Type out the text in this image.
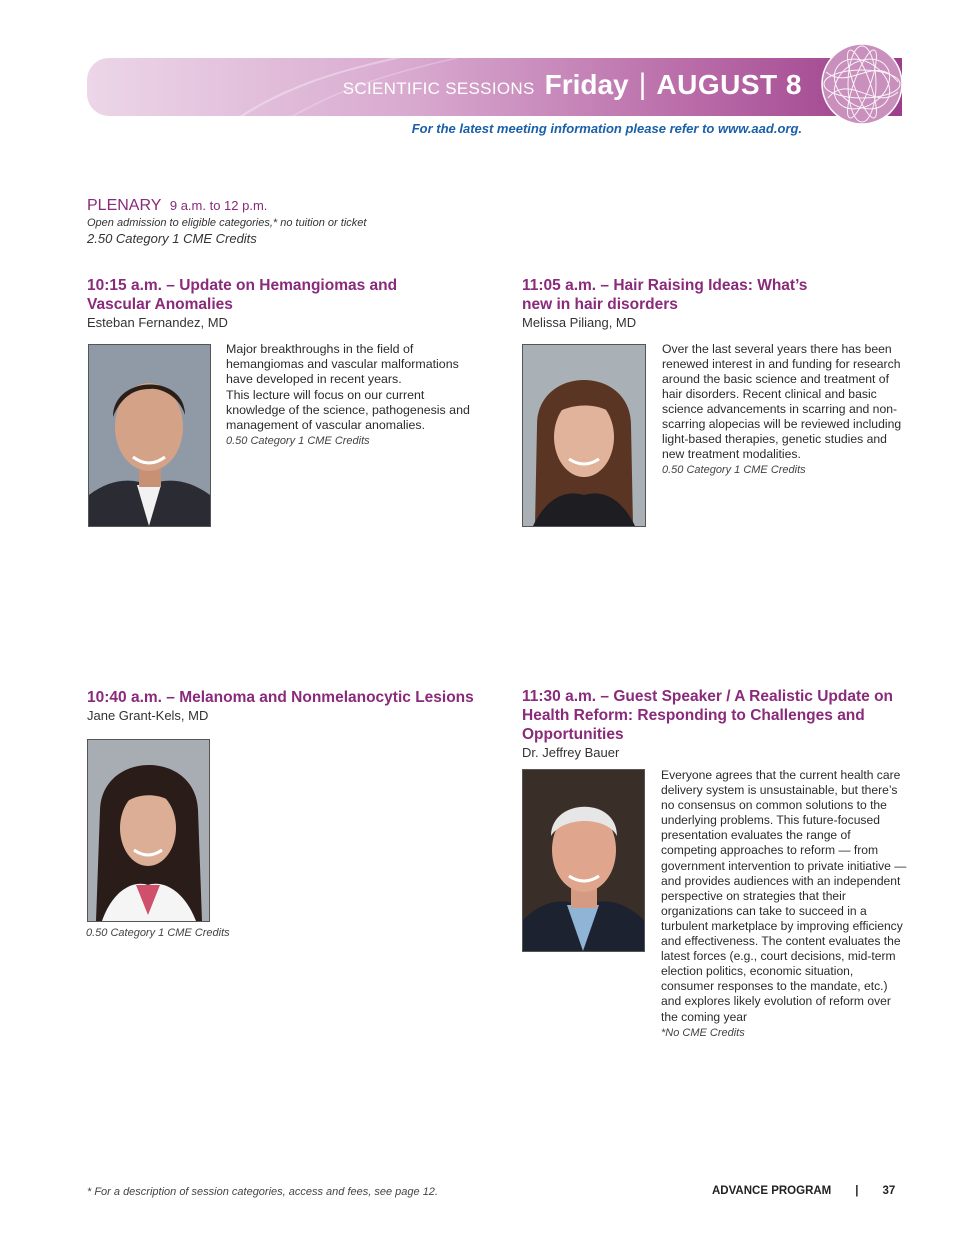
SCIENTIFIC SESSIONS Friday | AUGUST 8
For the latest meeting information please refer to www.aad.org.
PLENARY 9 a.m. to 12 p.m.
Open admission to eligible categories,* no tuition or ticket
2.50 Category 1 CME Credits
10:15 a.m. – Update on Hemangiomas and Vascular Anomalies
Esteban Fernandez, MD

Major breakthroughs in the field of hemangiomas and vascular malformations have developed in recent years.

This lecture will focus on our current knowledge of the science, pathogenesis and management of vascular anomalies.

0.50 Category 1 CME Credits
11:05 a.m. – Hair Raising Ideas: What’s new in hair disorders
Melissa Piliang, MD

Over the last several years there has been renewed interest in and funding for research around the basic science and treatment of hair disorders. Recent clinical and basic science advancements in scarring and non-scarring alopecias will be reviewed including light-based therapies, genetic studies and new treatment modalities.

0.50 Category 1 CME Credits
10:40 a.m. – Melanoma and Nonmelanocytic Lesions
Jane Grant-Kels, MD
0.50 Category 1 CME Credits
11:30 a.m. – Guest Speaker / A Realistic Update on Health Reform: Responding to Challenges and Opportunities
Dr. Jeffrey Bauer

Everyone agrees that the current health care delivery system is unsustainable, but there’s no consensus on common solutions to the underlying problems. This future-focused presentation evaluates the range of competing approaches to reform — from government intervention to private initiative — and provides audiences with an independent perspective on strategies that their organizations can take to succeed in a turbulent marketplace by improving efficiency and effectiveness. The content evaluates the latest forces (e.g., court decisions, mid-term election politics, economic situation, consumer responses to the mandate, etc.) and explores likely evolution of reform over the coming year

*No CME Credits
* For a description of session categories, access and fees, see page 12.	ADVANCE PROGRAM | 37
